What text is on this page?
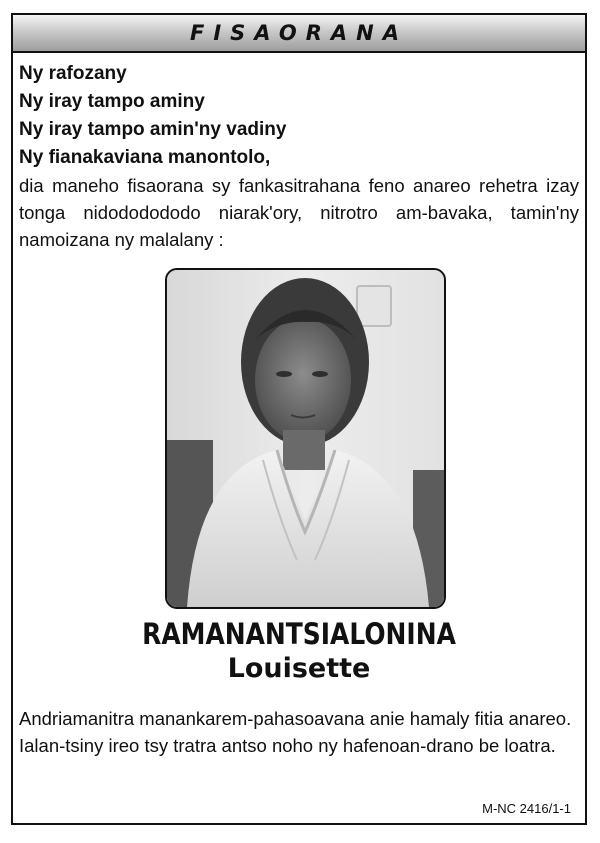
FISAORANA
Ny rafozany
Ny iray tampo aminy
Ny iray tampo amin'ny vadiny
Ny fianakaviana manontolo,
dia maneho fisaorana sy fankasitrahana feno anareo rehetra izay tonga nidododododo niarak'ory, nitrotro am-bavaka, tamin'ny namoizana ny malalany :
RAMANANTSIALONINA
Louisette
Andriamanitra manankarem-pahasoavana anie hamaly fitia anareo.
Ialan-tsiny ireo tsy tratra antso noho ny hafenoan-drano be loatra.
M-NC 2416/1-1
